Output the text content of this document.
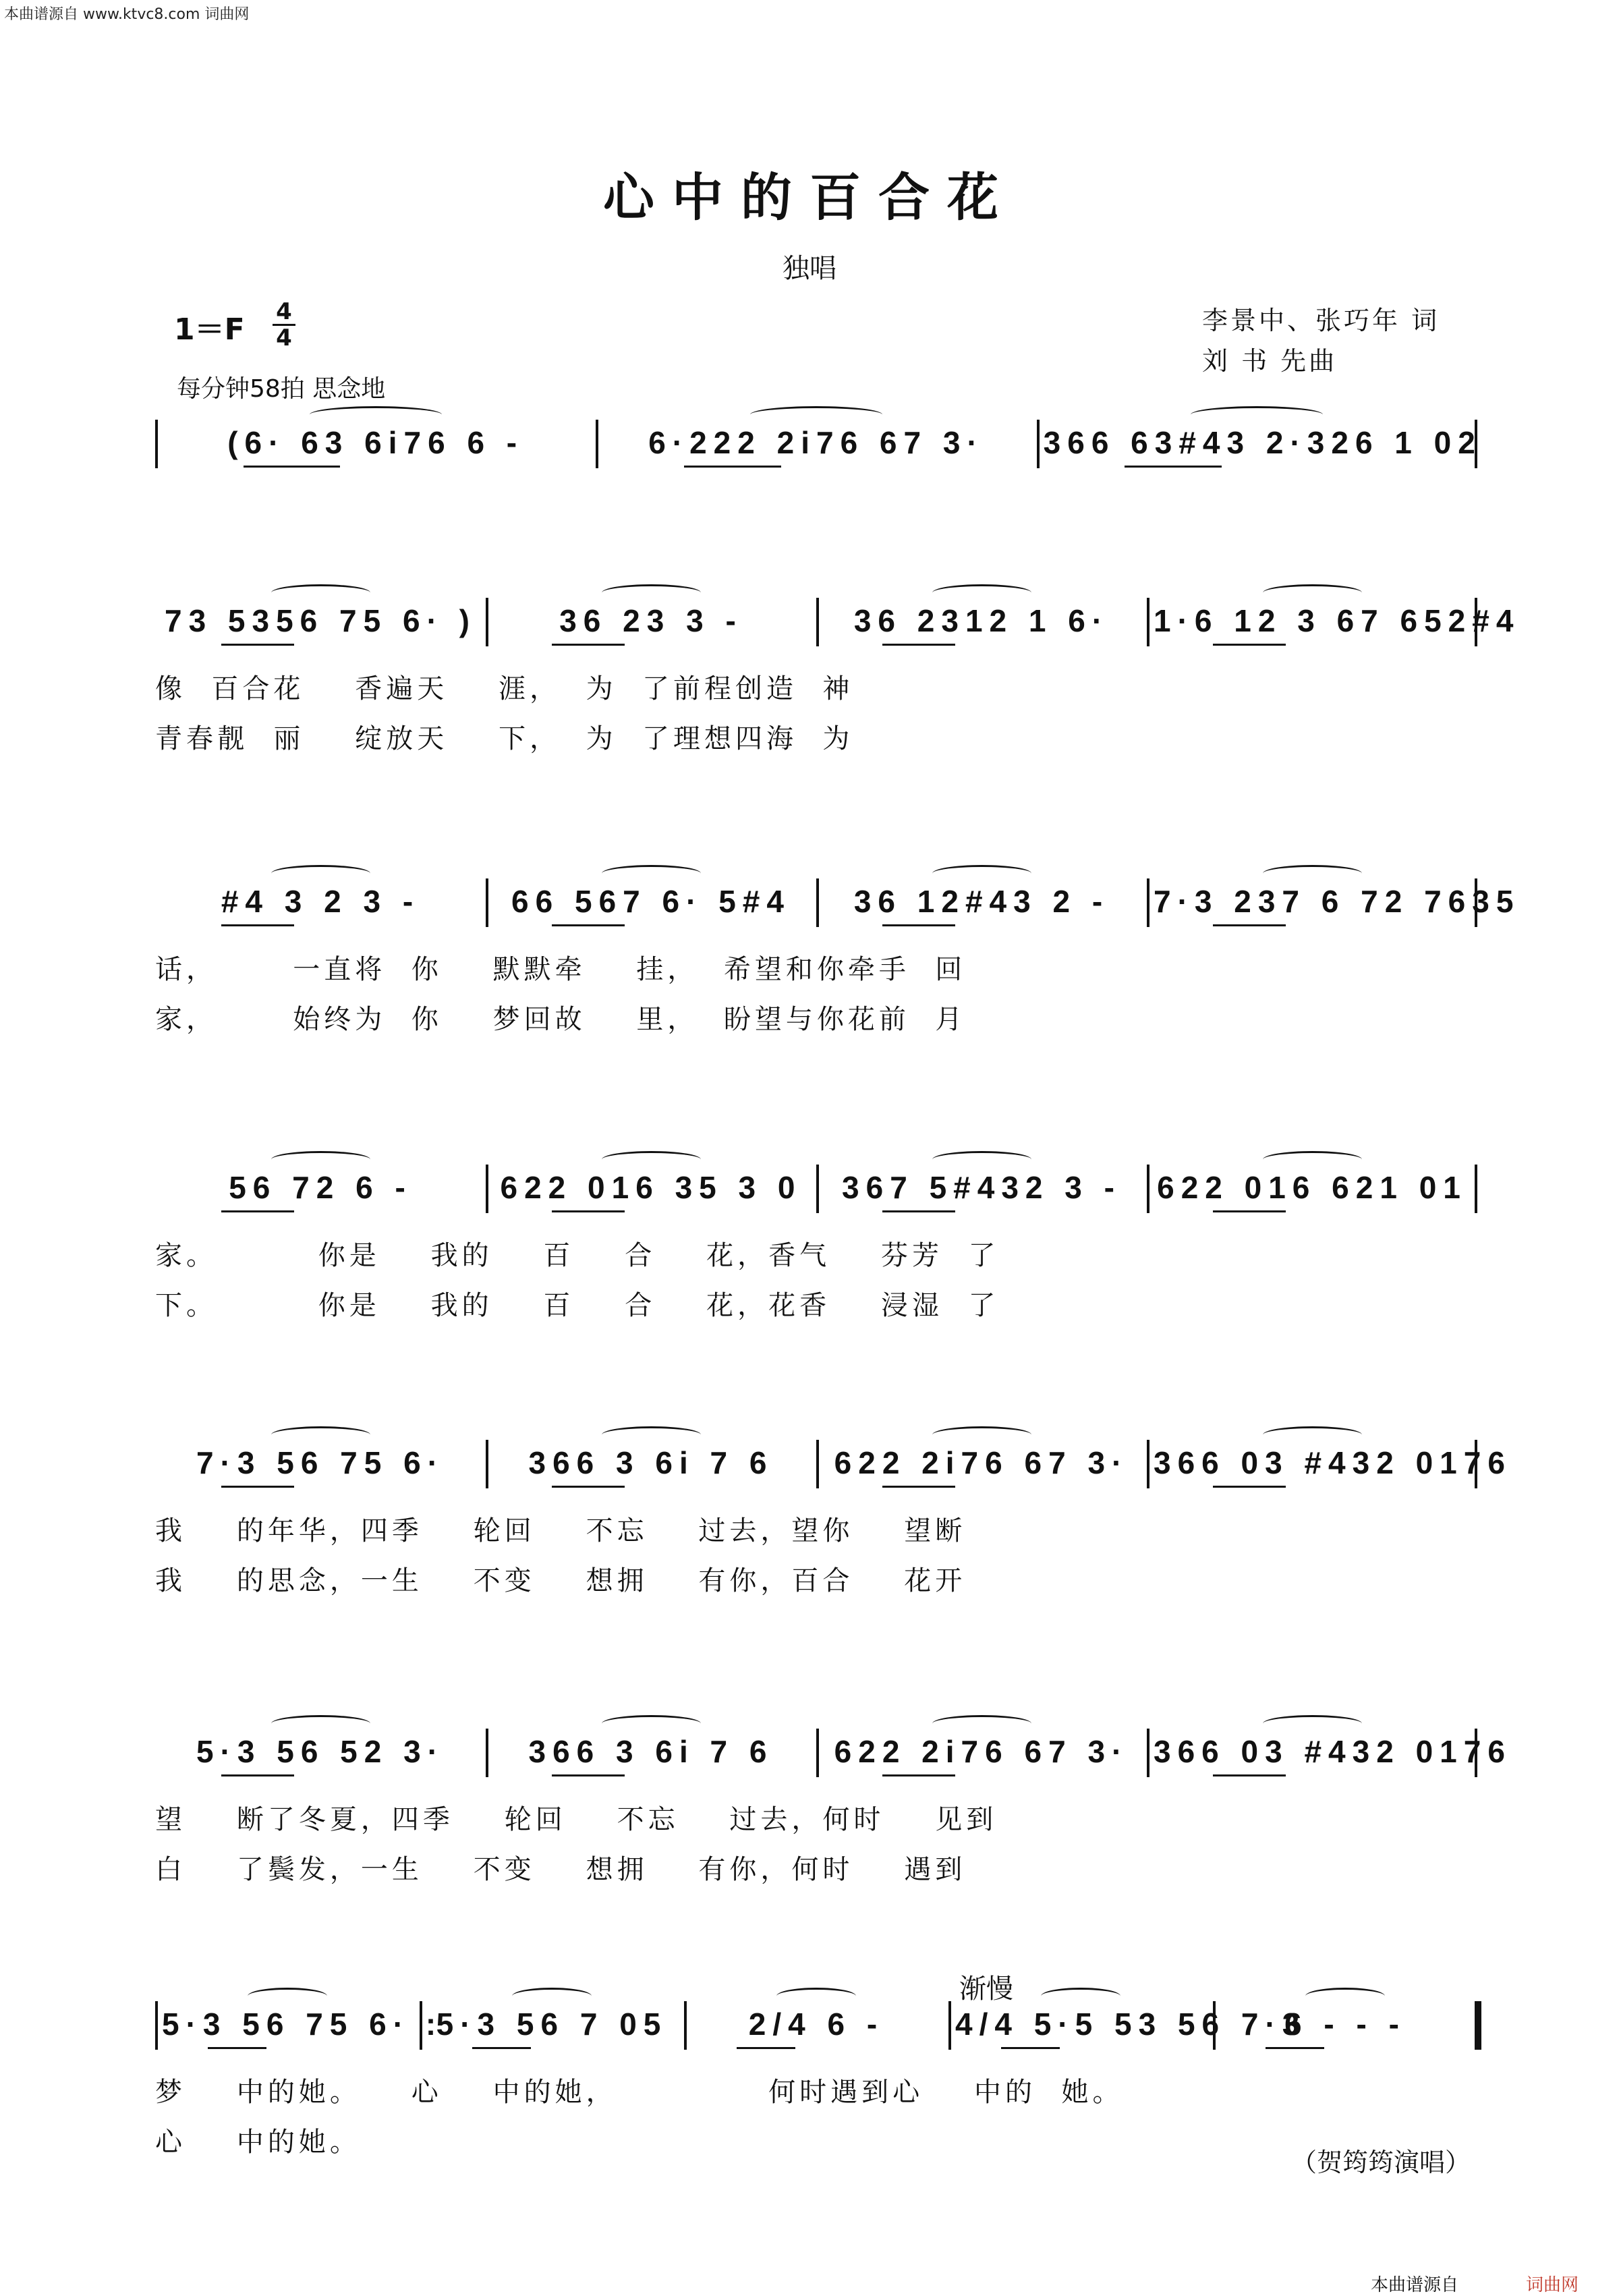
本曲谱源自 www.ktvc8.com 词曲网
心中的百合花
独唱
1＝F
4
4
每分钟58拍 思念地
李景中、张巧年 词
刘 书 先曲
(6· 63 6i76 6 -	6·222 2i76 67 3·	366 63#43 2·326 1 02
73 5356 75 6· )	36 23 3 -	36 2312 1 6·	1·6 12 3 67 652#4
像  百合花    香遍天    涯，  为  了前程创造  神
青春靓  丽    绽放天    下，  为  了理想四海  为
#4 3 2 3 -	66 567 6· 5#4	36 12#43 2 -	7·3 237 6 72 7635
话，      一直将  你    默默牵    挂，  希望和你牵手  回
家，      始终为  你    梦回故    里，  盼望与你花前  月
56 72 6 -	622 016 35 3 0	367 5#432 3 -	622 016 621 01
家。        你是    我的    百    合    花，香气    芬芳  了
下。        你是    我的    百    合    花，花香    浸湿  了
7·3 56 75 6·	366 3 6i 7 6	622 2i76 67 3· 366 03 #432 0176
我    的年华，四季    轮回    不忘    过去，望你    望断
我    的思念，一生    不变    想拥    有你，百合    花开
5·3 56 52 3·	366 3 6i 7 6	622 2i76 67 3· 366 03 #432 0176
望    断了冬夏，四季    轮回    不忘    过去，何时    见到
白    了鬓发，一生    不变    想拥    有你，何时    遇到
5·3 56 75 6· :
5·3 56 7 05	2/4 6 -	4/4 5·5 53 56 7·3
6 - - -
梦    中的她。    心    中的她，            何时遇到心    中的  她。
心    中的她。
渐慢
（贺筠筠演唱）
本曲谱源自	词曲网
